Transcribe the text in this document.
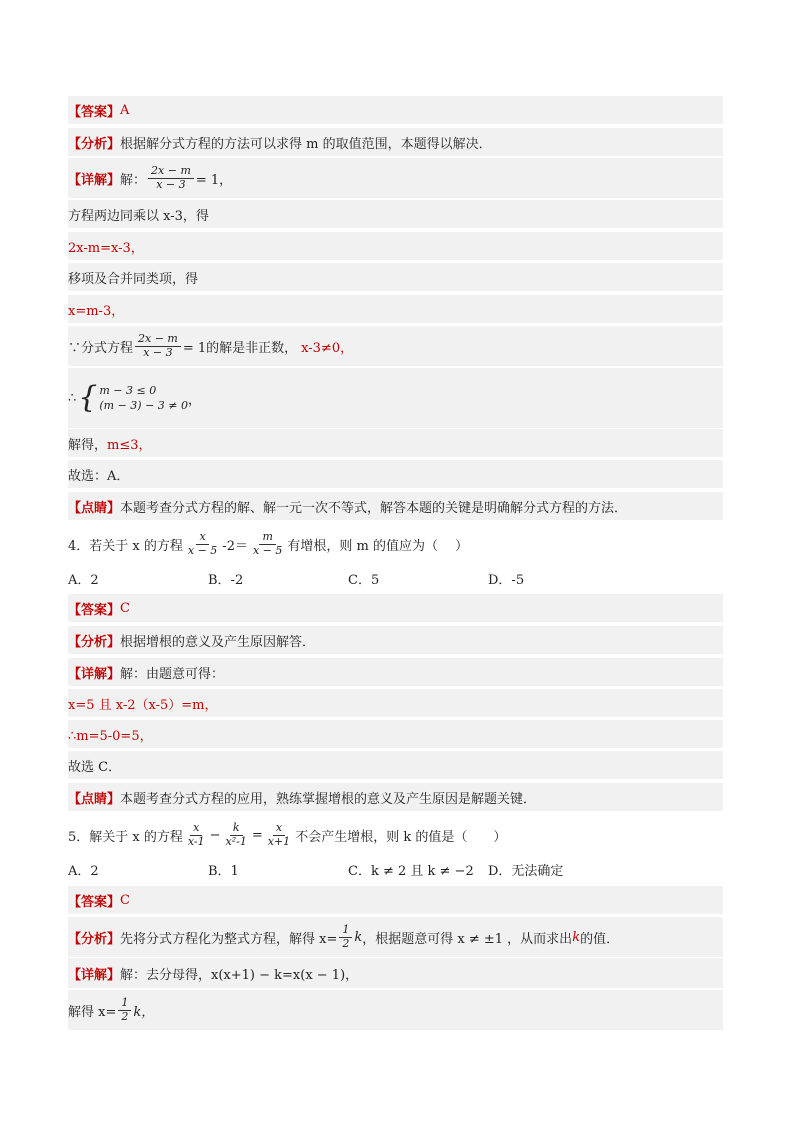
【答案】 A
【分析】 根据解分式方程的方法可以求得 m 的取值范围，本题得以解决．
【详解】 解： $\frac{2x - m}{x - 3} = 1$，
方程两边同乘以 x-3，得
2x-m=x-3，
移项及合并同类项，得
x=m-3，
∵分式方程 $\frac{2x - m}{x - 3} = 1$的解是非正数， x-3≠0，
∴ { m − 3 ≤ 0
(m − 3) − 3 ≠ 0 ，
解得， m≤3，
故选：A．
【点睛】 本题考查分式方程的解、解一元一次不等式，解答本题的关键是明确解分式方程的方法．
4．若关于 x 的方程 $\frac{x}{x - 5} -2= \frac{m}{x - 5}$ 有增根，则 m 的值应为（　 ）
A．2	B．-2	C．5	D．-5
【答案】 C
【分析】 根据增根的意义及产生原因解答．
【详解】 解：由题意可得：
x=5 且 x-2（x-5）=m，
∴m=5-0=5，
故选 C．
【点睛】 本题考查分式方程的应用，熟练掌握增根的意义及产生原因是解题关键．
5．解关于 x 的方程 $\frac{x}{x-1} - \frac{k}{\text{x²-1}} = \frac{x}{x+1}$ 不会产生增根，则 k 的值是（　　）
A．2	B．1	C．k ≠ 2 且 k ≠ −2	D．无法确定
【答案】 C
【分析】 先将分式方程化为整式方程，解得 $x= \frac{1}{2}$ k ，根据题意可得 x ≠ ±1 ，从而求出 k 的值．
【详解】 解：去分母得，x(x+1) − k=x(x − 1)，
解得 $x= \frac{1}{2}$ k，
